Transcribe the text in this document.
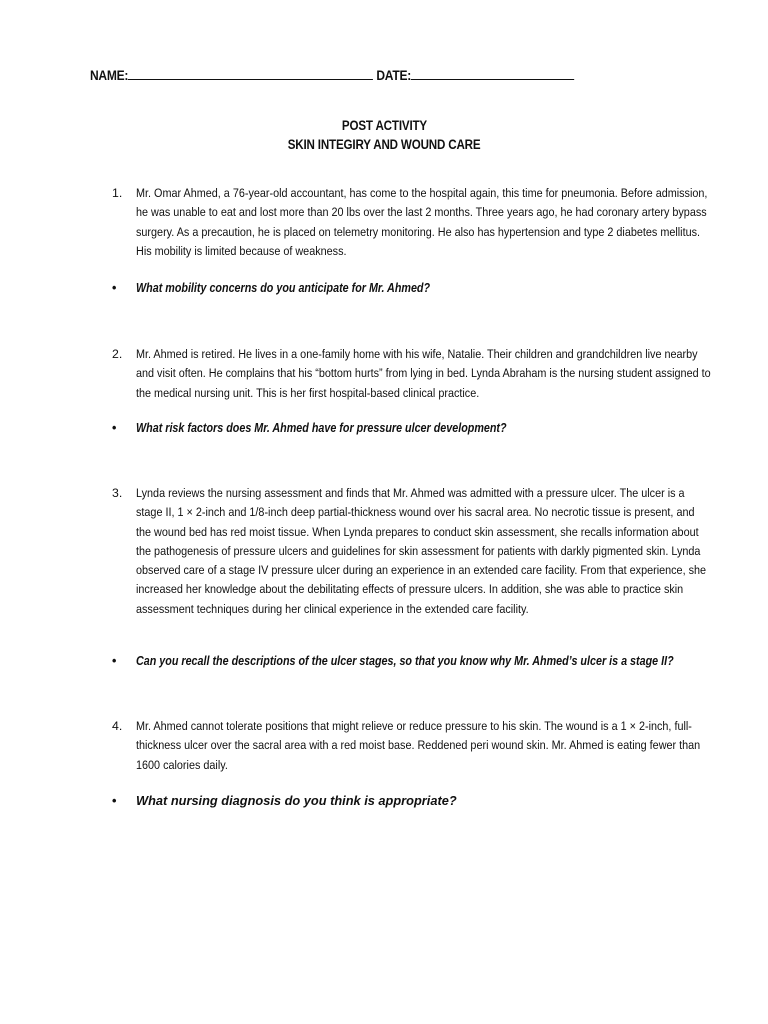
NAME:	DATE:
POST ACTIVITY
SKIN INTEGIRY AND WOUND CARE
1. Mr. Omar Ahmed, a 76-year-old accountant, has come to the hospital again, this time for pneumonia. Before admission, he was unable to eat and lost more than 20 lbs over the last 2 months. Three years ago, he had coronary artery bypass surgery. As a precaution, he is placed on telemetry monitoring. He also has hypertension and type 2 diabetes mellitus. His mobility is limited because of weakness.
• What mobility concerns do you anticipate for Mr. Ahmed?
2. Mr. Ahmed is retired. He lives in a one-family home with his wife, Natalie. Their children and grandchildren live nearby and visit often. He complains that his “bottom hurts” from lying in bed. Lynda Abraham is the nursing student assigned to the medical nursing unit. This is her first hospital-based clinical practice.
• What risk factors does Mr. Ahmed have for pressure ulcer development?
3. Lynda reviews the nursing assessment and finds that Mr. Ahmed was admitted with a pressure ulcer. The ulcer is a stage II, 1 × 2-inch and 1/8-inch deep partial-thickness wound over his sacral area. No necrotic tissue is present, and the wound bed has red moist tissue. When Lynda prepares to conduct skin assessment, she recalls information about the pathogenesis of pressure ulcers and guidelines for skin assessment for patients with darkly pigmented skin. Lynda observed care of a stage IV pressure ulcer during an experience in an extended care facility. From that experience, she increased her knowledge about the debilitating effects of pressure ulcers. In addition, she was able to practice skin assessment techniques during her clinical experience in the extended care facility.
• Can you recall the descriptions of the ulcer stages, so that you know why Mr. Ahmed’s ulcer is a stage II?
4. Mr. Ahmed cannot tolerate positions that might relieve or reduce pressure to his skin. The wound is a 1 × 2-inch, full-thickness ulcer over the sacral area with a red moist base. Reddened peri wound skin. Mr. Ahmed is eating fewer than 1600 calories daily.
• What nursing diagnosis do you think is appropriate?
